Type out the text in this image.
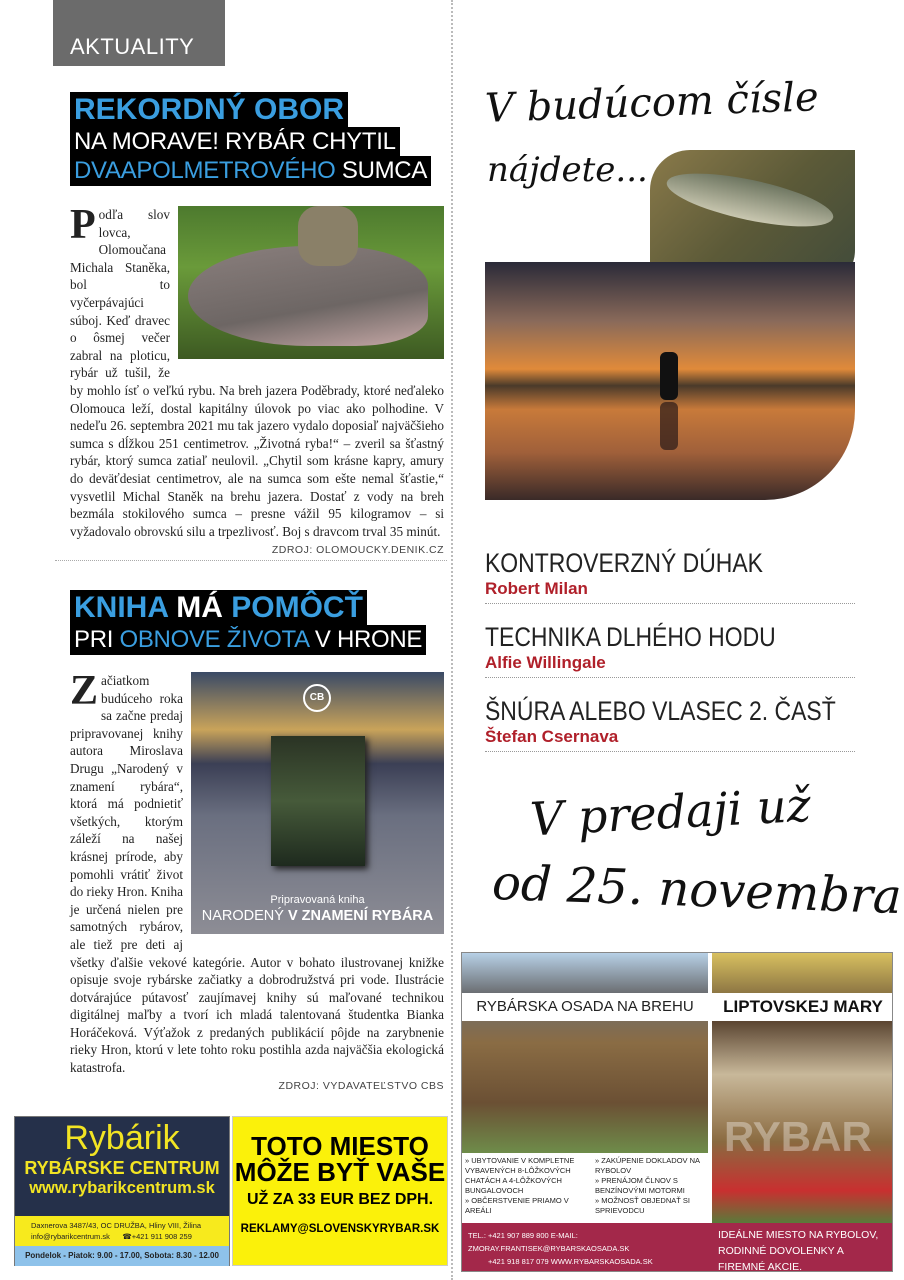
AKTUALITY
REKORDNÝ OBOR
NA MORAVE! RYBÁR CHYTIL
DVAAPOLMETROVÉHO SUMCA

Podľa slov lovca, Olomoučana Michala Staněka, bol to vyčerpávajúci súboj. Keď dravec o ôsmej večer zabral na ploticu, rybár už tušil, že by mohlo ísť o veľkú rybu. Na breh jazera Poděbrady, ktoré neďaleko Olomouca leží, dostal kapitálny úlovok po viac ako polhodine. V nedeľu 26. septembra 2021 mu tak jazero vydalo doposiaľ najväčšieho sumca s dĺžkou 251 centimetrov. „Životná ryba!“ – zveril sa šťastný rybár, ktorý sumca zatiaľ neulovil. „Chytil som krásne kapry, amury do deväťdesiat centimetrov, ale na sumca som ešte nemal šťastie,“ vysvetlil Michal Staněk na brehu jazera. Dostať z vody na breh bezmála stokilového sumca – presne vážil 95 kilogramov – si vyžadovalo obrovskú silu a trpezlivosť. Boj s dravcom trval 35 minút.

ZDROJ: OLOMOUCKY.DENIK.CZ
KNIHA MÁ POMÔCŤ
PRI OBNOVE ŽIVOTA V HRONE
CB
Pripravovaná kniha
NARODENÝ V ZNAMENÍ RYBÁRA

Začiatkom budúceho roka sa začne predaj pripravovanej knihy autora Miroslava Drugu „Narodený v znamení rybára“, ktorá má podnietiť všetkých, ktorým záleží na našej krásnej prírode, aby pomohli vrátiť život do rieky Hron. Kniha je určená nielen pre samotných rybárov, ale tiež pre deti aj všetky ďalšie vekové kategórie. Autor v bohato ilustrovanej knižke opisuje svoje rybárske začiatky a dobrodružstvá pri vode. Ilustrácie dotvárajúce pútavosť zaujímavej knihy sú maľované technikou digitálnej maľby a tvorí ich mladá talentovaná študentka Bianka Horáčeková. Výťažok z predaných publikácií pôjde na zarybnenie rieky Hron, ktorú v lete tohto roku postihla azda najväčšia ekologická katastrofa.

ZDROJ: VYDAVATEĽSTVO CBS
Rybárik
RYBÁRSKE CENTRUM
www.rybarikcentrum.sk
Daxnerova 3487/43, OC DRUŽBA, Hliny VIII, Žilina
info@rybarikcentrum.sk ☎+421 911 908 259
Pondelok - Piatok: 9.00 - 17.00, Sobota: 8.30 - 12.00
TOTO MIESTO
MÔŽE BYŤ VAŠE
UŽ ZA 33 EUR BEZ DPH.
REKLAMY@SLOVENSKYRYBAR.SK
V budúcom čísle
nájdete...
KONTROVERZNÝ DÚHAK
Robert Milan
TECHNIKA DLHÉHO HODU
Alfie Willingale
ŠNÚRA ALEBO VLASEC 2. ČASŤ
Štefan Csernava
V predaji už
od 25. novembra
RYBAR
RYBÁRSKA OSADA NA BREHU	LIPTOVSKEJ MARY
» UBYTOVANIE V KOMPLETNE VYBAVENÝCH 8-LÔŽKOVÝCH CHATÁCH A 4-LÔŽKOVÝCH BUNGALOVOCH
» OBČERSTVENIE PRIAMO V AREÁLI
» ZAKÚPENIE DOKLADOV NA RYBOLOV
» PRENÁJOM ČLNOV S BENZÍNOVÝMI MOTORMI
» MOŽNOSŤ OBJEDNAŤ SI SPRIEVODCU
TEL.: +421 907 889 800 E-MAIL: ZMORAY.FRANTISEK@RYBARSKAOSADA.SK
+421 918 817 079 WWW.RYBARSKAOSADA.SK
IDEÁLNE MIESTO NA RYBOLOV,
RODINNÉ DOVOLENKY A FIREMNÉ AKCIE.
